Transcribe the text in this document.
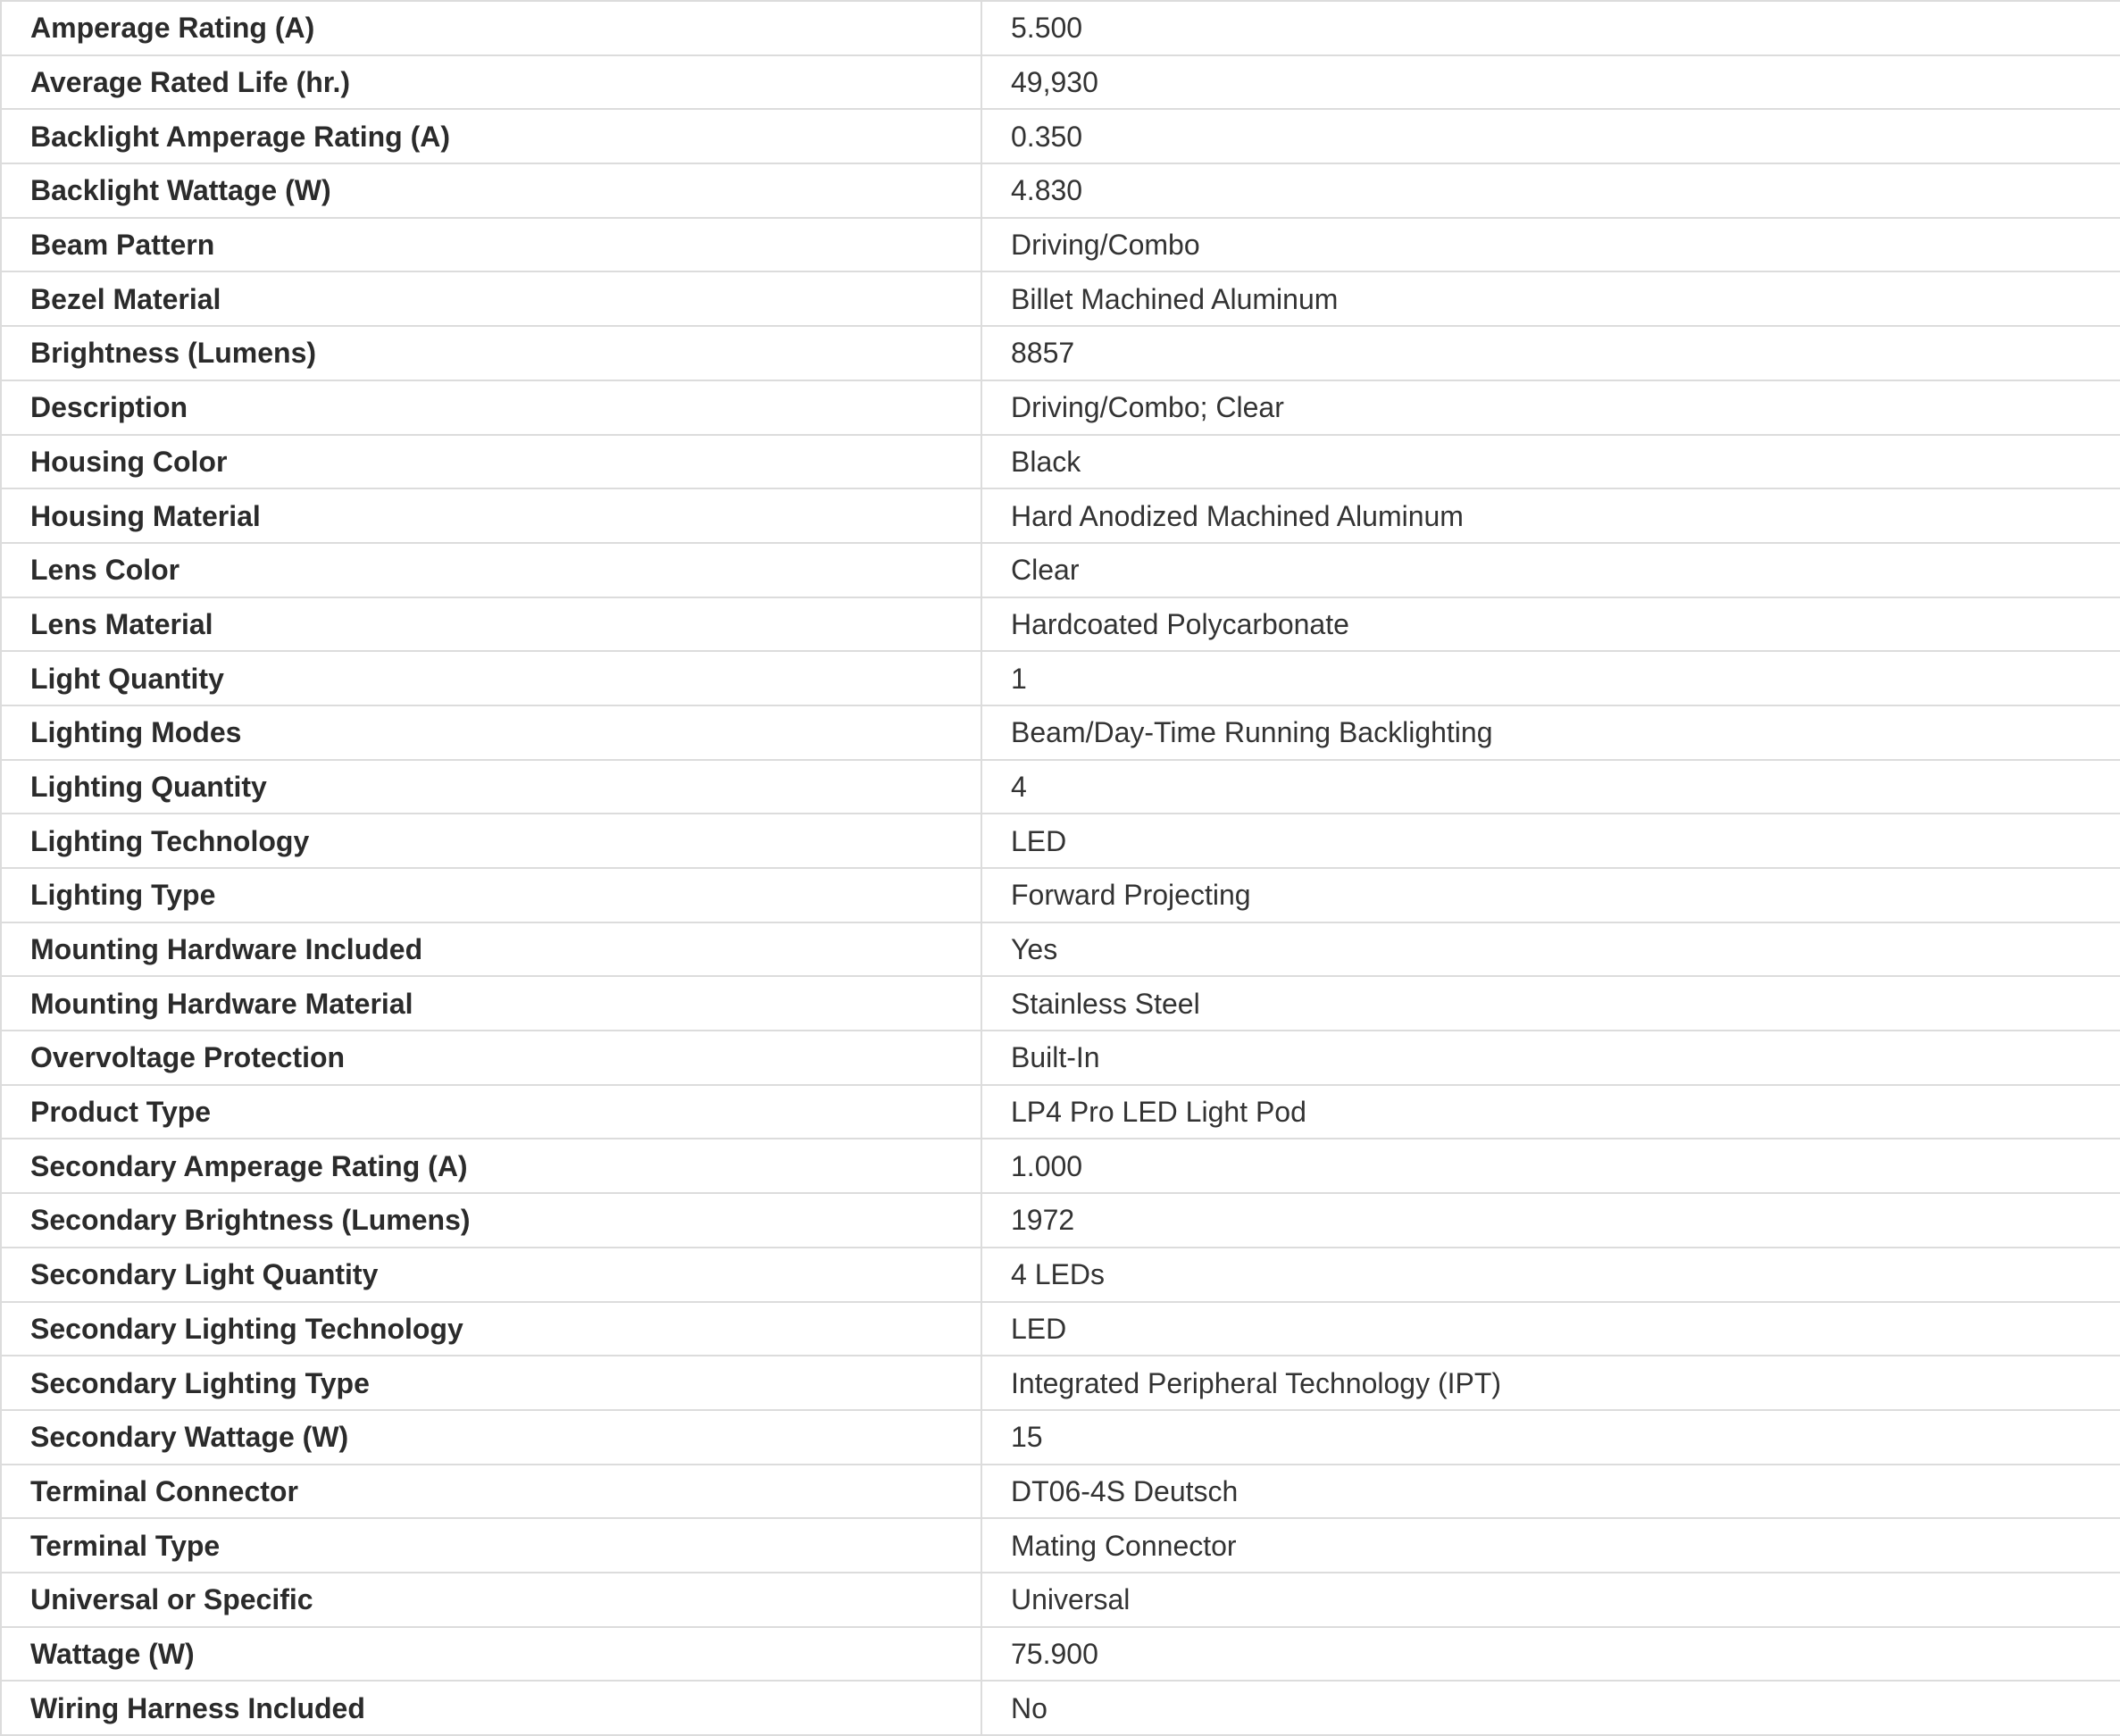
Amperage Rating (A)	5.500
Average Rated Life (hr.)	49,930
Backlight Amperage Rating (A)	0.350
Backlight Wattage (W)	4.830
Beam Pattern	Driving/Combo
Bezel Material	Billet Machined Aluminum
Brightness (Lumens)	8857
Description	Driving/Combo; Clear
Housing Color	Black
Housing Material	Hard Anodized Machined Aluminum
Lens Color	Clear
Lens Material	Hardcoated Polycarbonate
Light Quantity	1
Lighting Modes	Beam/Day-Time Running Backlighting
Lighting Quantity	4
Lighting Technology	LED
Lighting Type	Forward Projecting
Mounting Hardware Included	Yes
Mounting Hardware Material	Stainless Steel
Overvoltage Protection	Built-In
Product Type	LP4 Pro LED Light Pod
Secondary Amperage Rating (A)	1.000
Secondary Brightness (Lumens)	1972
Secondary Light Quantity	4 LEDs
Secondary Lighting Technology	LED
Secondary Lighting Type	Integrated Peripheral Technology (IPT)
Secondary Wattage (W)	15
Terminal Connector	DT06-4S Deutsch
Terminal Type	Mating Connector
Universal or Specific	Universal
Wattage (W)	75.900
Wiring Harness Included	No
